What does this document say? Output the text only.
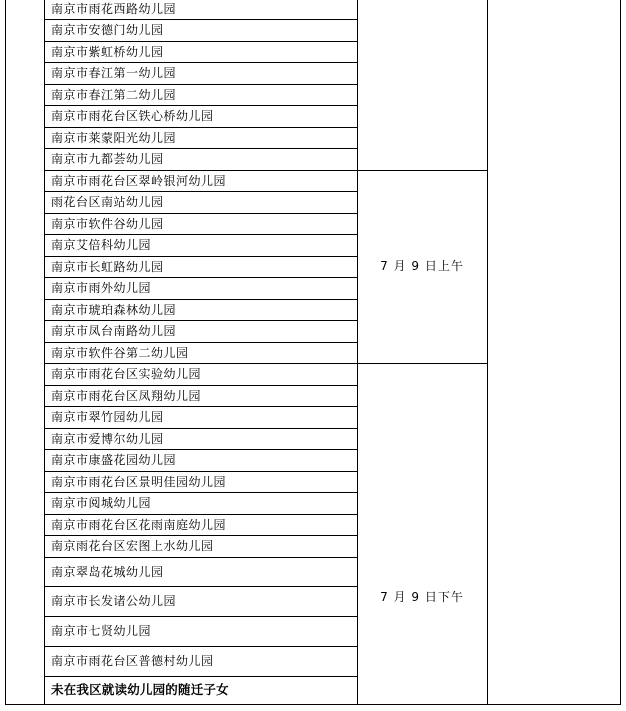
南京市雨花西路幼儿园
南京市安德门幼儿园
南京市紫虹桥幼儿园
南京市春江第一幼儿园
南京市春江第二幼儿园
南京市雨花台区铁心桥幼儿园
南京市莱蒙阳光幼儿园
南京市九都荟幼儿园
南京市雨花台区翠岭银河幼儿园
雨花台区南站幼儿园
南京市软件谷幼儿园
南京艾倍科幼儿园
南京市长虹路幼儿园
南京市雨外幼儿园
南京市琥珀森林幼儿园
南京市凤台南路幼儿园
南京市软件谷第二幼儿园
南京市雨花台区实验幼儿园
南京市雨花台区凤翔幼儿园
南京市翠竹园幼儿园
南京市爱博尔幼儿园
南京市康盛花园幼儿园
南京市雨花台区景明佳园幼儿园
南京市阅城幼儿园
南京市雨花台区花雨南庭幼儿园
南京雨花台区宏图上水幼儿园
南京翠岛花城幼儿园
南京市长发诸公幼儿园
南京市七贤幼儿园
南京市雨花台区普德村幼儿园
未在我区就读幼儿园的随迁子女
7 月 9 日上午
7 月 9 日下午
